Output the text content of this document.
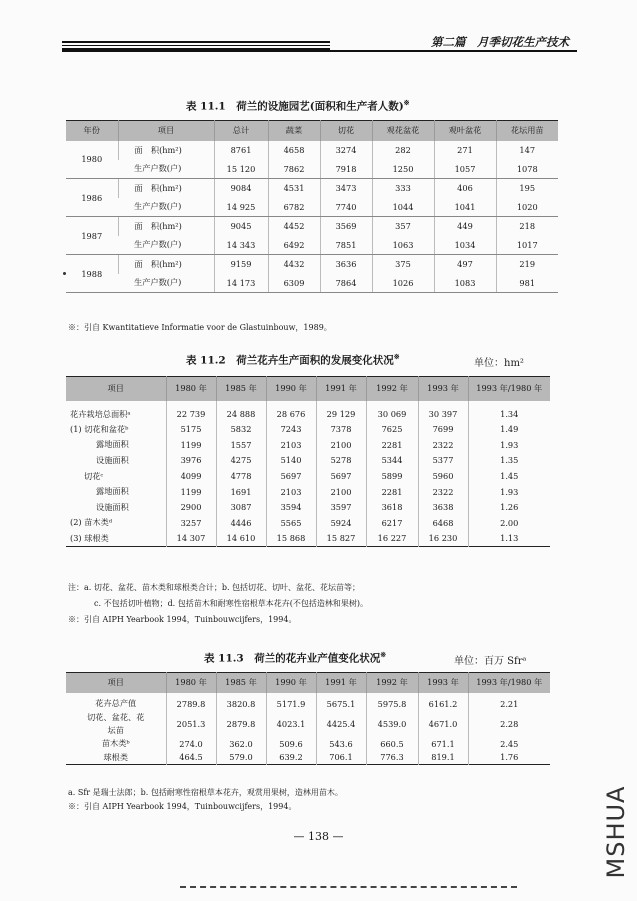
第二篇　月季切花生产技术
表 11.1　荷兰的设施园艺(面积和生产者人数)※
年份	项目	总计	蔬菜	切花	观花盆花	观叶盆花	花坛用苗
1980	面　积(hm²)	8761	4658	3274	282	271	147
	生产户数(户)	15 120	7862	7918	1250	1057	1078
1986	面　积(hm²)	9084	4531	3473	333	406	195
	生产户数(户)	14 925	6782	7740	1044	1041	1020
1987	面　积(hm²)	9045	4452	3569	357	449	218
	生产户数(户)	14 343	6492	7851	1063	1034	1017
1988	面　积(hm²)	9159	4432	3636	375	497	219
	生产户数(户)	14 173	6309	7864	1026	1083	981
※：引自 Kwantitatieve Informatie voor de Glastuinbouw，1989。
表 11.2　荷兰花卉生产面积的发展变化状况※
单位：hm²
项目	1980 年	1985 年	1990 年	1991 年	1992 年	1993 年	1993 年/1980 年
花卉栽培总面积ᵃ	22 739	24 888	28 676	29 129	30 069	30 397	1.34
(1) 切花和盆花ᵇ	5175	5832	7243	7378	7625	7699	1.49
露地面积	1199	1557	2103	2100	2281	2322	1.93
设施面积	3976	4275	5140	5278	5344	5377	1.35
切花ᶜ	4099	4778	5697	5697	5899	5960	1.45
露地面积	1199	1691	2103	2100	2281	2322	1.93
设施面积	2900	3087	3594	3597	3618	3638	1.26
(2) 苗木类ᵈ	3257	4446	5565	5924	6217	6468	2.00
(3) 球根类	14 307	14 610	15 868	15 827	16 227	16 230	1.13
注：a. 切花、盆花、苗木类和球根类合计；b. 包括切花、切叶、盆花、花坛苗等；
c. 不包括切叶植物；d. 包括苗木和耐寒性宿根草本花卉(不包括造林和果树)。
※：引自 AIPH Yearbook 1994，Tuinbouwcijfers，1994。
表 11.3　荷兰的花卉业产值变化状况※
单位：百万 Sfrᵃ
项目	1980 年	1985 年	1990 年	1991 年	1992 年	1993 年	1993 年/1980 年
花卉总产值	2789.8	3820.8	5171.9	5675.1	5975.8	6161.2	2.21
切花、盆花、花坛苗	2051.3	2879.8	4023.1	4425.4	4539.0	4671.0	2.28
苗木类ᵇ	274.0	362.0	509.6	543.6	660.5	671.1	2.45
球根类	464.5	579.0	639.2	706.1	776.3	819.1	1.76
a. Sfr 是瑞士法郎；b. 包括耐寒性宿根草本花卉，观赏用果树，造林用苗木。
※：引自 AIPH Yearbook 1994，Tuinbouwcijfers，1994。
— 138 —	MSHUA
